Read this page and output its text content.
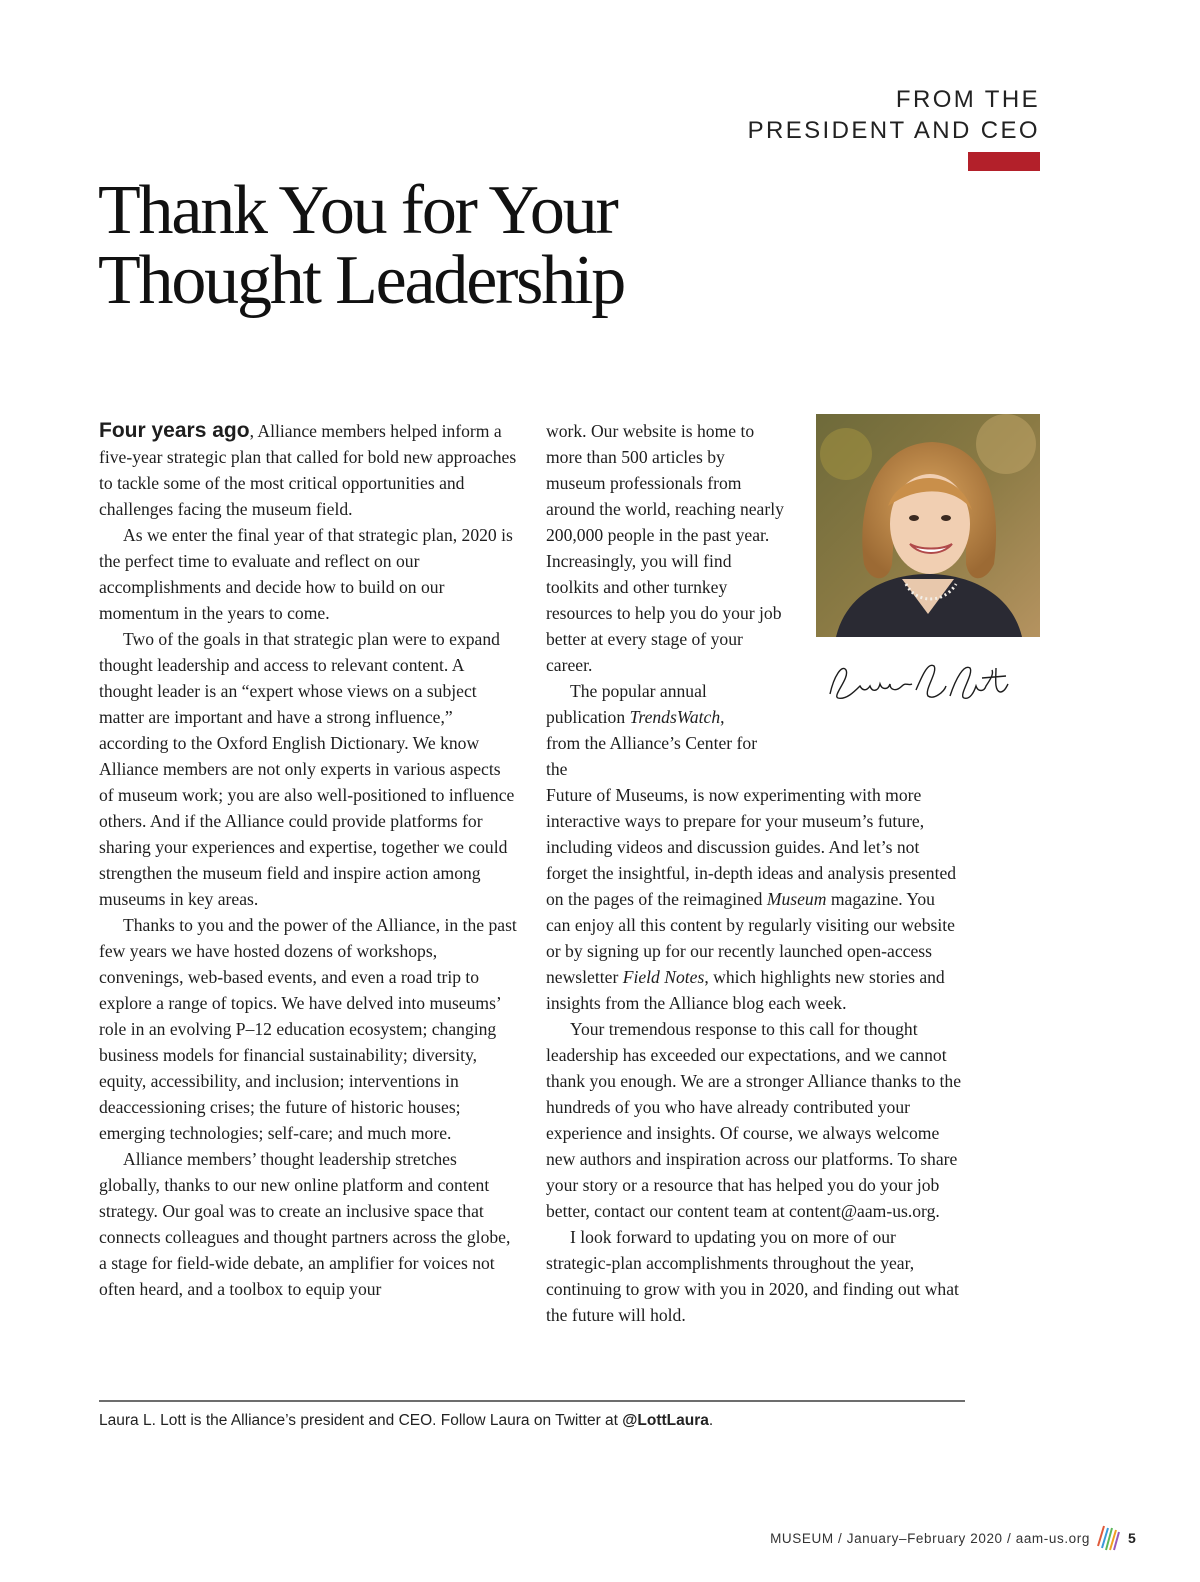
FROM THE
PRESIDENT AND CEO
Thank You for Your
Thought Leadership

Four years ago, Alliance members helped inform a five-year strategic plan that called for bold new approaches to tackle some of the most critical opportunities and challenges facing the museum field.

As we enter the final year of that strategic plan, 2020 is the perfect time to evaluate and reflect on our accomplishments and decide how to build on our momentum in the years to come.

Two of the goals in that strategic plan were to expand thought leadership and access to relevant content. A thought leader is an “expert whose views on a subject matter are important and have a strong influence,” according to the Oxford English Dictionary. We know Alliance members are not only experts in various aspects of museum work; you are also well-positioned to influence others. And if the Alliance could provide platforms for sharing your experiences and expertise, together we could strengthen the museum field and inspire action among museums in key areas.

Thanks to you and the power of the Alliance, in the past few years we have hosted dozens of workshops, convenings, web-based events, and even a road trip to explore a range of topics. We have delved into museums’ role in an evolving P–12 education ecosystem; changing business models for financial sustainability; diversity, equity, accessibility, and inclusion; interventions in deaccessioning crises; the future of historic houses; emerging technologies; self-care; and much more.

Alliance members’ thought leadership stretches globally, thanks to our new online platform and content strategy. Our goal was to create an inclusive space that connects colleagues and thought partners across the globe, a stage for field-wide debate, an amplifier for voices not often heard, and a toolbox to equip your

work. Our website is home to more than 500 articles by museum professionals from around the world, reaching nearly 200,000 people in the past year. Increasingly, you will find toolkits and other turnkey resources to help you do your job better at every stage of your career.

The popular annual publication TrendsWatch, from the Alliance’s Center for the

Future of Museums, is now experimenting with more interactive ways to prepare for your museum’s future, including videos and discussion guides. And let’s not forget the insightful, in-depth ideas and analysis presented on the pages of the reimagined Museum magazine. You can enjoy all this content by regularly visiting our website or by signing up for our recently launched open-access newsletter Field Notes, which highlights new stories and insights from the Alliance blog each week.

Your tremendous response to this call for thought leadership has exceeded our expectations, and we cannot thank you enough. We are a stronger Alliance thanks to the hundreds of you who have already contributed your experience and insights. Of course, we always welcome new authors and inspiration across our platforms. To share your story or a resource that has helped you do your job better, contact our content team at content@aam-us.org.

I look forward to updating you on more of our strategic-plan accomplishments throughout the year, continuing to grow with you in 2020, and finding out what the future will hold.

Laura L. Lott is the Alliance’s president and CEO. Follow Laura on Twitter at @LottLaura.
MUSEUM / January–February 2020 / aam-us.org	5
